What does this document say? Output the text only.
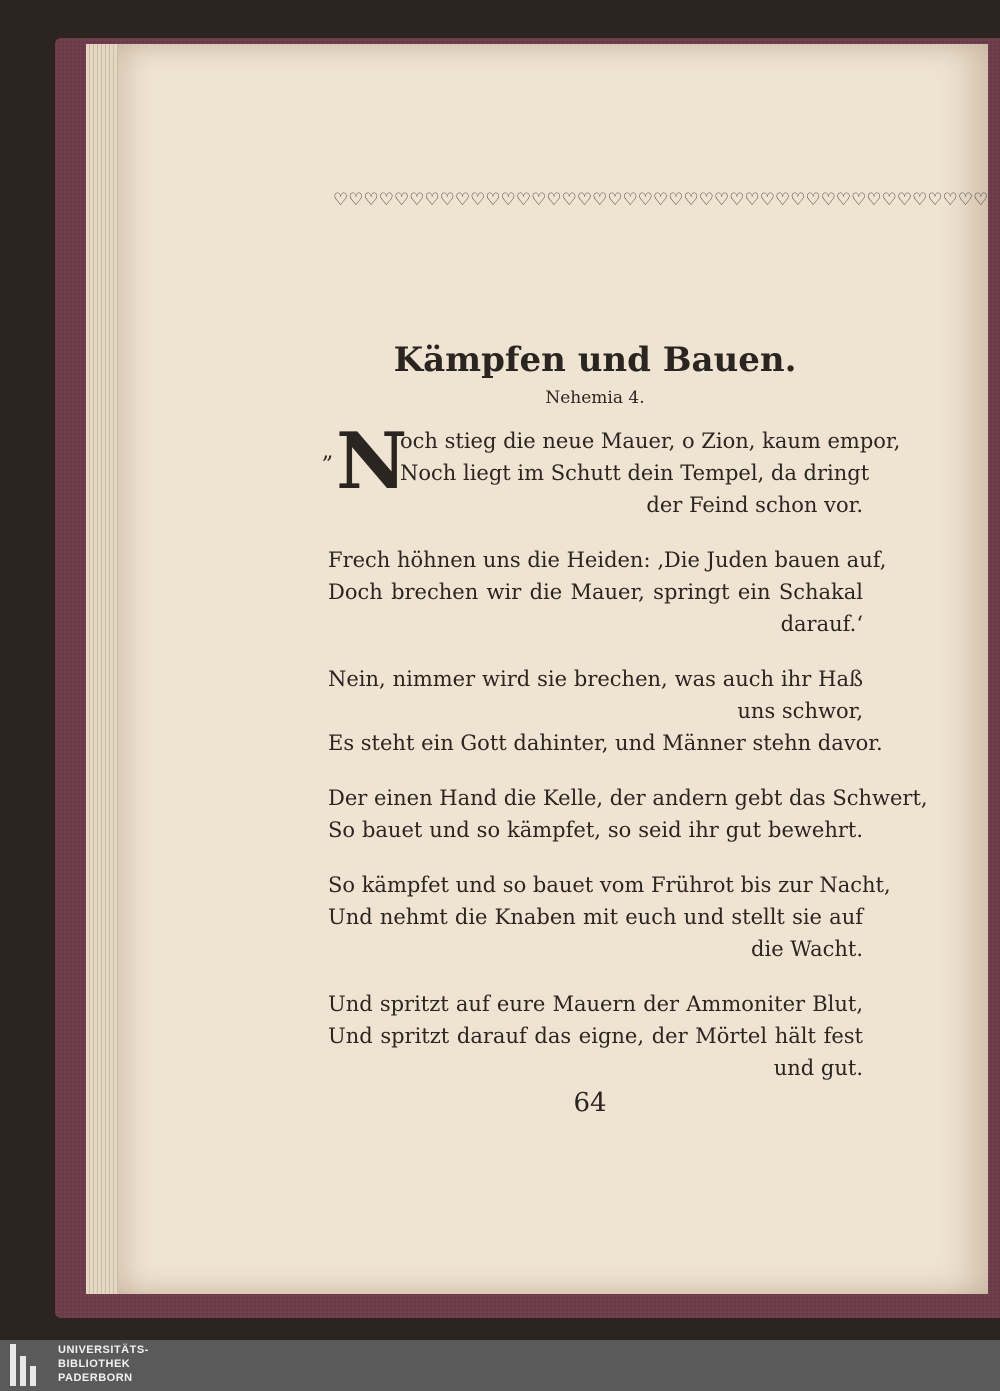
♡♡♡♡♡♡♡♡♡♡♡♡♡♡♡♡♡♡♡♡♡♡♡♡♡♡♡♡♡♡♡♡♡♡♡♡♡♡♡♡♡♡♡
Kämpfen und Bauen.
Nehemia 4.
„ N
och stieg die neue Mauer, o Zion, kaum empor,
Noch liegt im Schutt dein Tempel, da dringt
der Feind schon vor.
Frech höhnen uns die Heiden: ‚Die Juden bauen auf,
Doch brechen wir die Mauer, springt ein Schakal
darauf.‘
Nein, nimmer wird sie brechen, was auch ihr Haß
uns schwor,
Es steht ein Gott dahinter, und Männer stehn davor.
Der einen Hand die Kelle, der andern gebt das Schwert,
So bauet und so kämpfet, so seid ihr gut bewehrt.
So kämpfet und so bauet vom Frührot bis zur Nacht,
Und nehmt die Knaben mit euch und stellt sie auf
die Wacht.
Und spritzt auf eure Mauern der Ammoniter Blut,
Und spritzt darauf das eigne, der Mörtel hält fest
und gut.
64
UNIVERSITÄTS-
BIBLIOTHEK
PADERBORN
